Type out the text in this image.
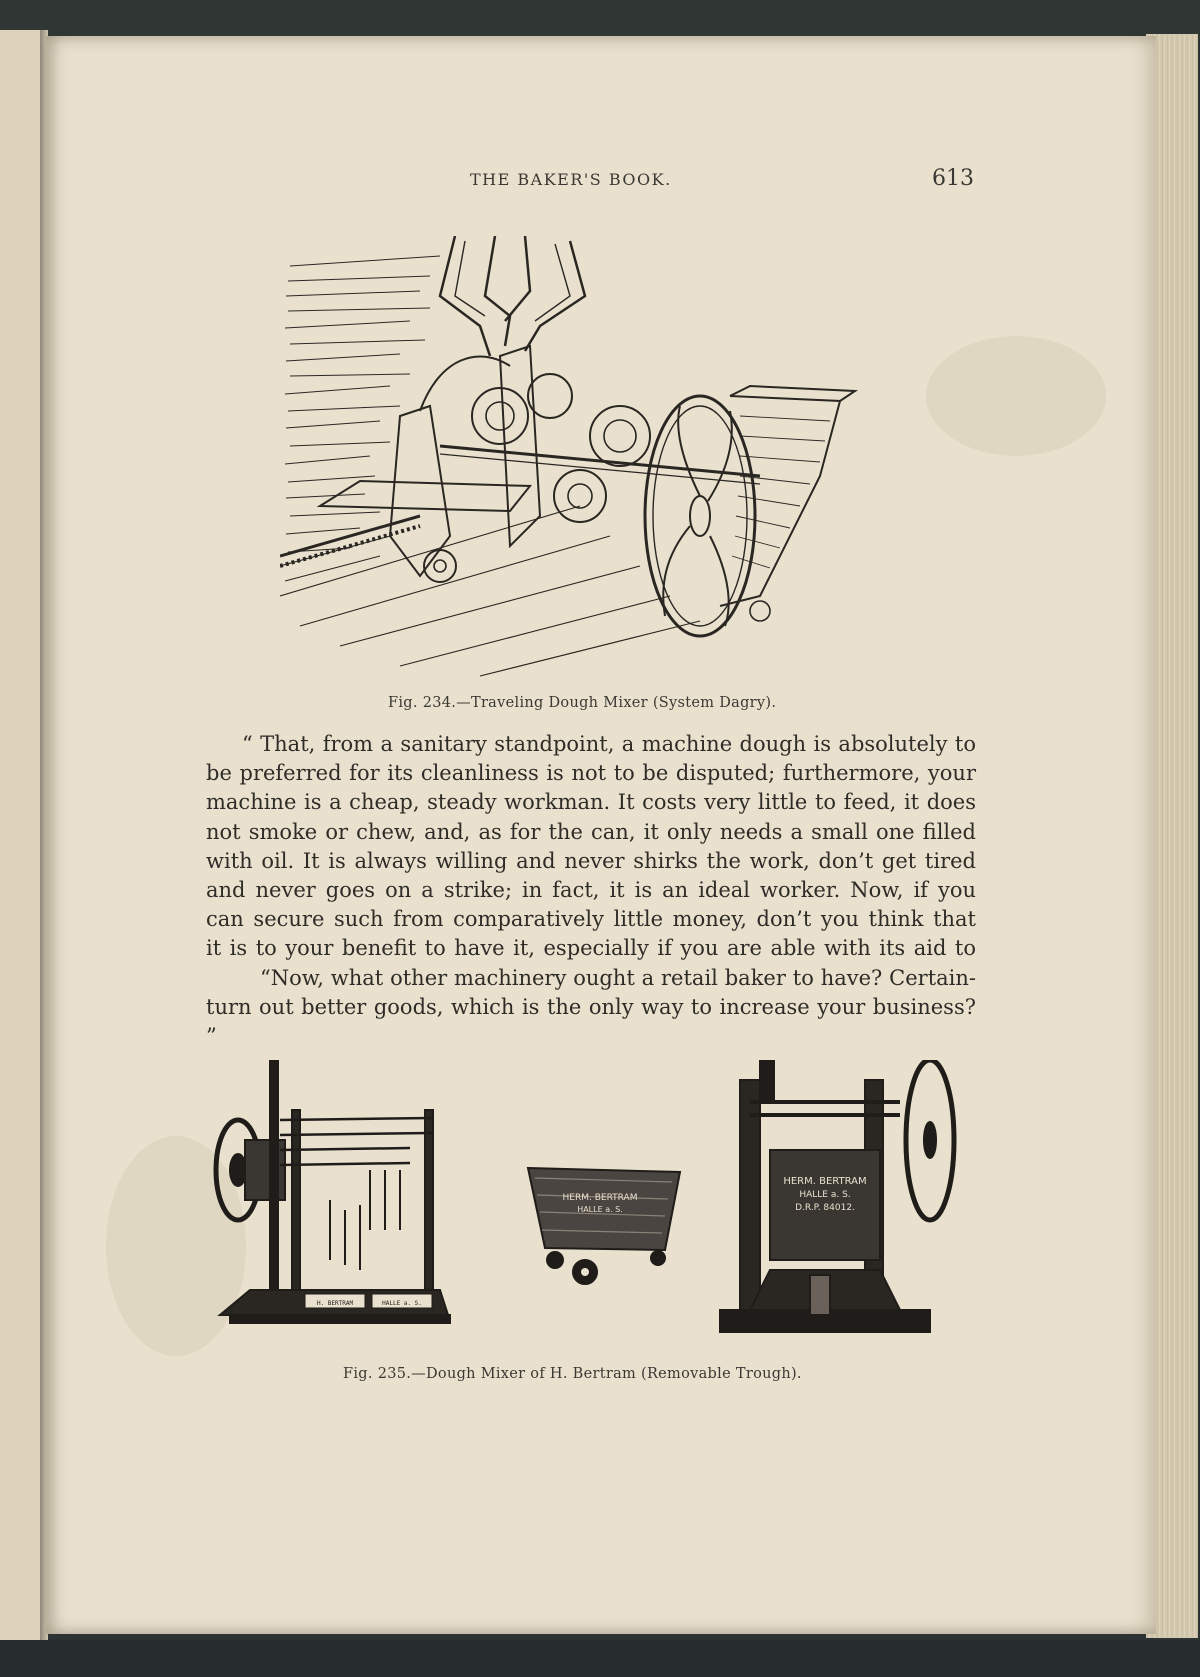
THE BAKER'S BOOK.	613
Fig. 234.—Traveling Dough Mixer (System Dagry).

“ That, from a sanitary standpoint, a machine dough is absolutely to

be preferred for its cleanliness is not to be disputed; furthermore, your

machine is a cheap, steady workman. It costs very little to feed, it does

not smoke or chew, and, as for the can, it only needs a small one filled

with oil. It is always willing and never shirks the work, don’t get tired

and never goes on a strike; in fact, it is an ideal worker. Now, if you

can secure such from comparatively little money, don’t you think that

it is to your benefit to have it, especially if you are able with its aid to

“Now, what other machinery ought a retail baker to have? Certain-

turn out better goods, which is the only way to increase your business? ”

H. BERTRAM	HALLE a. S.
HERM. BERTRAM
HALLE a. S.
HERM. BERTRAM
HALLE a. S.
D.R.P. 84012.
Fig. 235.—Dough Mixer of H. Bertram (Removable Trough).
